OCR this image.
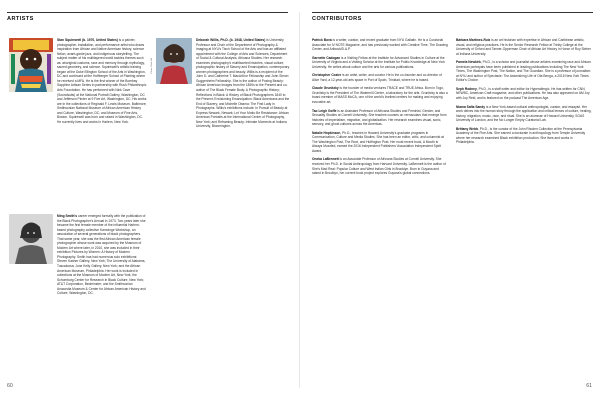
ARTISTS
Stan Squirewell (b. 1970, United States) is a painter, photographer, installation, and performance artist who draws inspiration from African and Native American history, science fiction, avant-garde jazz, and indigenous storytelling. The subject matter of his multilayered world tackles themes such as: aboriginal customs, race and memory through mythology, sacred geometry, and science. Squirewell's artistic training began at the Duke Ellington School of the Arts in Washington, DC and continued at the Hoffberger School of Painting where he received a MFA. He is the first winner of the Bombay Sapphire Artisan Series in partnership with Rush Philanthropic Arts Foundation. He has performed with Nick Cave (Soundsuits) at the National Portrait Gallery, Washington, DC and Jefferson Pinder at 9 Five Art, Washington, DC. His works are in the collections of Reginald F. Lewis Museum, Baltimore; Smithsonian National Museum of African American History and Culture, Washington, DC; and Museum of Fine Arts, Boston. Squirewell was born and raised in Washington, DC. He currently lives and works in Harlem, New York.
Ming Smith's career emerged formally with the publication of the Black Photographer's Annual in 1973. Two years later she became the first female member of the influential Harlem-based photography collective Kamoinge Workshop, an association of several generations of black photographers. That same year, she was the first African American female photographer whose work was acquired by the Museum of Modern Art where later, in 2010, she was included in their exhibition Pictures by Women: A History of Modern Photography. Smith has had numerous solo exhibitions: Steven Kasher Gallery, New York; The University of Alabama, Tuscaloosa; June Kelly Gallery, New York; and the African American Museum, Philadelphia. Her work is included in collections at the Museum of Modern Art, New York, the Schomburg Center for Research in Black Culture, New York; AT&T Corporation, Bedminster; and the Smithsonian Anacostia Museum & Center for African American History and Culture, Washington, DC.
Photo: Mark Hill
Deborah Willis, Ph.D. (b. 1948, United States) is University Professor and Chair of the Department of Photography & Imaging at NYU's Tisch School of the Arts and has an affiliated appointment with the College of Arts and Sciences, Department of Social & Cultural Analysis, Africana Studies. Her research examines photography's multifaceted histories, visual culture, photographic history of Slavery and Emancipation, contemporary women photographers and beauty. Willis is a recipient of the John D. and Catherine T. MacArthur Fellowship and John Simon Guggenheim Fellowship. She is the author of Posing Beauty: African American Images from the 1890s to the Present and co-author of The Black Female Body: A Photographic History; Reflections in Black: A History of Black Photographers 1840 to the Present; Envisioning Emancipation: Black Americans and the End of Slavery; and Michelle Obama: The First Lady in Photographs. Willis's exhibitions include: In Pursuit of Beauty at Express Newark, Newark; Let Your Motto Be Resistance: African American Portraits at the International Center of Photography, New York; and Reframing Beauty: Intimate Moments at Indiana University, Bloomington.
60
CONTRIBUTORS
Patrick Bova is a writer, curator, and recent graduate from NYU Gallatin. He is a Curatorial Associate for IV NOTE Magazine, and has previously worked with Creative Time, The Drawing Center, and Artbook/D.A.P.
Garnette Cadogan is a Visiting Fellow at the Institute for Advanced Studies in Culture at the University of Virginia and a Visiting Scholar at the Institute for Public Knowledge at New York University. He writes about culture and the arts for various publications.
Christopher Cozier is an artist, writer, and curator. He is the co-founder and co-director of Alice Yard, a 12-year-old arts space in Port of Spain, Trinidad, where he is based.
Claude Grunitzky is the founder of media ventures TRACE and TRUE Africa. Born in Togo, Grunitzky is the President of The Watermill Center, a laboratory for the arts. Grunitzky is also a board member of MASS MoCA, one of the world's liveliest centers for making and enjoying evocative art.
Tao Leigh Goffe is an Assistant Professor of Africana Studies and Feminist, Gender, and Sexuality Studies at Cornell University. She teaches courses on vernaculars that emerge from histories of imperialism, migration, and globalization. Her research examines visual, sonic, sensory, and ghost cultures across the Americas.
Natalie Hopkinson, Ph.D., teaches in Howard University's graduate programs in Communication, Culture and Media Studies. She has been an editor, critic, and columnist at The Washington Post, The Root, and Huffington Post. Her most recent book, A Mouth is Always Muzzled, earned the 2016 Independent Publishers' Association Independent Spirit Award.
Oneka LaBennett is an Associate Professor of Africana Studies at Cornell University. She received her Ph.D. in Social Anthropology from Harvard University. LaBennett is the author of She's Mad Real: Popular Culture and West Indian Girls in Brooklyn. Born in Guyana and raised in Brooklyn, her current book project explores Guyana's global connections.
Bárbara Martínez-Ruiz is an art historian with expertise in African and Caribbean artistic, visual, and religious practices. He is the Senior Research Fellow at Trinity College at the University of Oxford and Tanner-Opperman Chair of African Art History in Honor of Roy Sieber at Indiana University.
Pamela Newkirk, Ph.D., is a scholar and journalist whose articles examining race and African American portrayals have been published in leading publications including The New York Times, The Washington Post, The Nation, and The Guardian. She is a professor of journalism at NYU and author of Spectacle: The Astonishing Life of Ota Benga, a 2015 New York Times Editor's Choice.
Seph Rodney, Ph.D., is a staff writer and editor for Hyperallergic. He has written for CNN, NEWBC, American Craft magazine, and other publications. He has also appeared on AM Joy with Joy Reid, and is featured on the podcast The American Age.
Niama Safia Sandy is a New York-based cultural anthropologist, curator, and essayist. Her work delves into the human story through the application and critical lenses of culture, healing, history, migration, music, race, and ritual. She is an alumnae of Howard University, SOAS University of London, and the No Longer Empty Curatorial Lab.
Brittany Webb, Ph.D., is the curator of the John Rhoden Collection at the Pennsylvania Academy of the Fine Arts. She earned a doctorate in anthropology from Temple University where her research examined Black exhibition production. She lives and works in Philadelphia.
61
